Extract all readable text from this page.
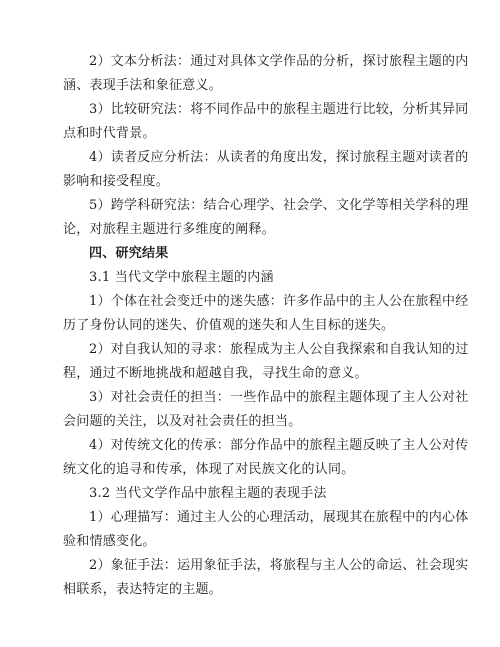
2）文本分析法：通过对具体文学作品的分析，探讨旅程主题的内
涵、表现手法和象征意义。
3）比较研究法：将不同作品中的旅程主题进行比较，分析其异同
点和时代背景。
4）读者反应分析法：从读者的角度出发，探讨旅程主题对读者的
影响和接受程度。
5）跨学科研究法：结合心理学、社会学、文化学等相关学科的理
论，对旅程主题进行多维度的阐释。
四、研究结果
3.1 当代文学中旅程主题的内涵
1）个体在社会变迁中的迷失感：许多作品中的主人公在旅程中经
历了身份认同的迷失、价值观的迷失和人生目标的迷失。
2）对自我认知的寻求：旅程成为主人公自我探索和自我认知的过
程，通过不断地挑战和超越自我，寻找生命的意义。
3）对社会责任的担当：一些作品中的旅程主题体现了主人公对社
会问题的关注，以及对社会责任的担当。
4）对传统文化的传承：部分作品中的旅程主题反映了主人公对传
统文化的追寻和传承，体现了对民族文化的认同。
3.2 当代文学作品中旅程主题的表现手法
1）心理描写：通过主人公的心理活动，展现其在旅程中的内心体
验和情感变化。
2）象征手法：运用象征手法，将旅程与主人公的命运、社会现实
相联系，表达特定的主题。
